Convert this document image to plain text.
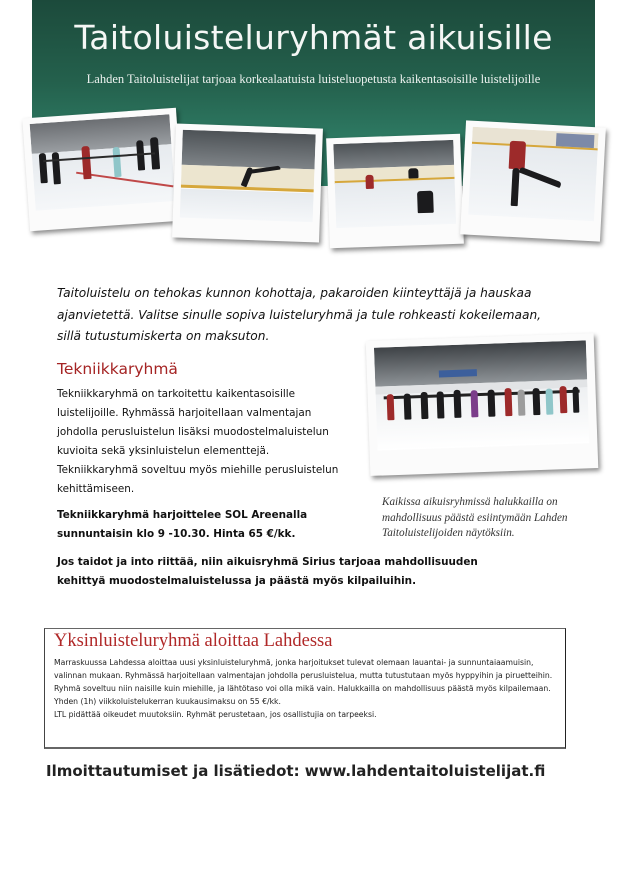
Taitoluisteluryhmät aikuisille
Lahden Taitoluistelijat tarjoaa korkealaatuista luisteluopetusta kaikentasoisille luistelijoille
Taitoluistelu on tehokas kunnon kohottaja, pakaroiden kiinteyttäjä ja hauskaa ajanvietettä. Valitse sinulle sopiva luisteluryhmä ja tule rohkeasti kokeilemaan, sillä tutustumiskerta on maksuton.
Tekniikkaryhmä
Tekniikkaryhmä on tarkoitettu kaikentasoisille luistelijoille. Ryhmässä harjoitellaan valmentajan johdolla perusluistelun lisäksi muodostelmaluistelun kuvioita sekä yksinluistelun elementtejä. Tekniikkaryhmä soveltuu myös miehille perusluistelun kehittämiseen.
Tekniikkaryhmä harjoittelee SOL Areenalla sunnuntaisin klo 9 -10.30. Hinta 65 €/kk.
Jos taidot ja into riittää, niin aikuisryhmä Sirius tarjoaa mahdollisuuden kehittyä muodostelmaluistelussa ja päästä myös kilpailuihin.
Kaikissa aikuisryhmissä halukkailla on mahdollisuus päästä esiintymään Lahden Taitoluistelijoiden näytöksiin.
Yksinluisteluryhmä aloittaa Lahdessa

Marraskuussa Lahdessa aloittaa uusi yksinluisteluryhmä, jonka harjoitukset tulevat olemaan lauantai- ja sunnuntaiaamuisin, valinnan mukaan. Ryhmässä harjoitellaan valmentajan johdolla perusluistelua, mutta tutustutaan myös hyppyihin ja piruetteihin. Ryhmä soveltuu niin naisille kuin miehille, ja lähtötaso voi olla mikä vain. Halukkailla on mahdollisuus päästä myös kilpailemaan. Yhden (1h) viikkoluistelukerran kuukausimaksu on 55 €/kk.

LTL pidättää oikeudet muutoksiin. Ryhmät perustetaan, jos osallistujia on tarpeeksi.

Ilmoittautumiset ja lisätiedot: www.lahdentaitoluistelijat.fi
